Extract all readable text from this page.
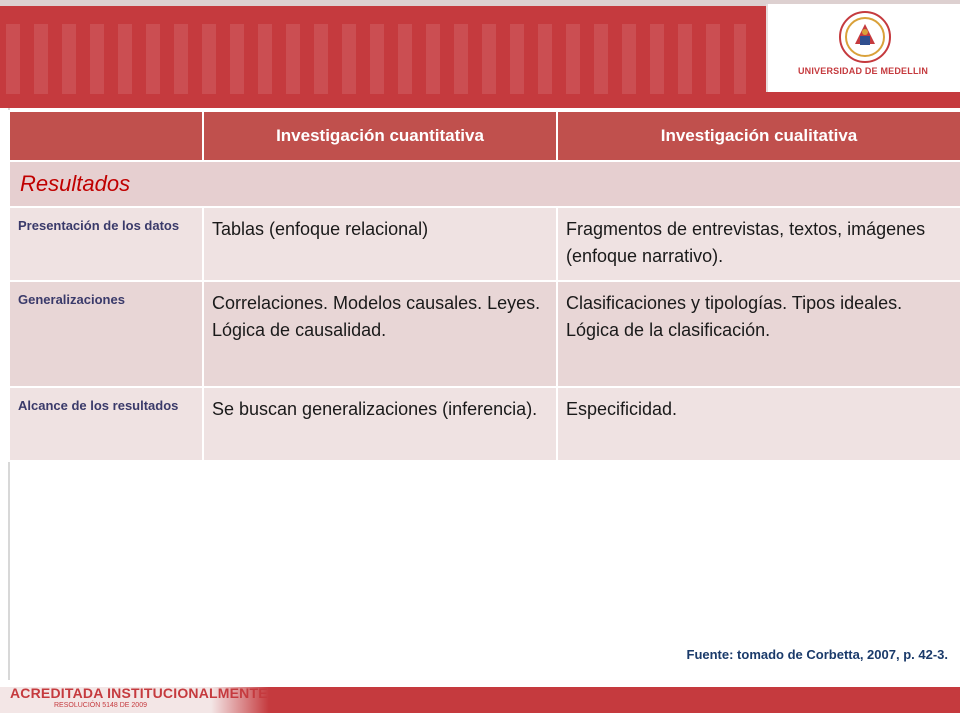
UNIVERSIDAD DE MEDELLIN
	Investigación cuantitativa	Investigación cualitativa
Resultados		
Presentación de los datos	Tablas (enfoque relacional)	Fragmentos de entrevistas, textos, imágenes (enfoque narrativo).
Generalizaciones	Correlaciones. Modelos causales. Leyes. Lógica de causalidad.	Clasificaciones y tipologías. Tipos ideales. Lógica de la clasificación.
Alcance de los resultados	Se buscan generalizaciones (inferencia).	Especificidad.
Fuente: tomado de Corbetta, 2007, p. 42-3.
ACREDITADA INSTITUCIONALMENTE
RESOLUCIÓN 5148 DE 2009
